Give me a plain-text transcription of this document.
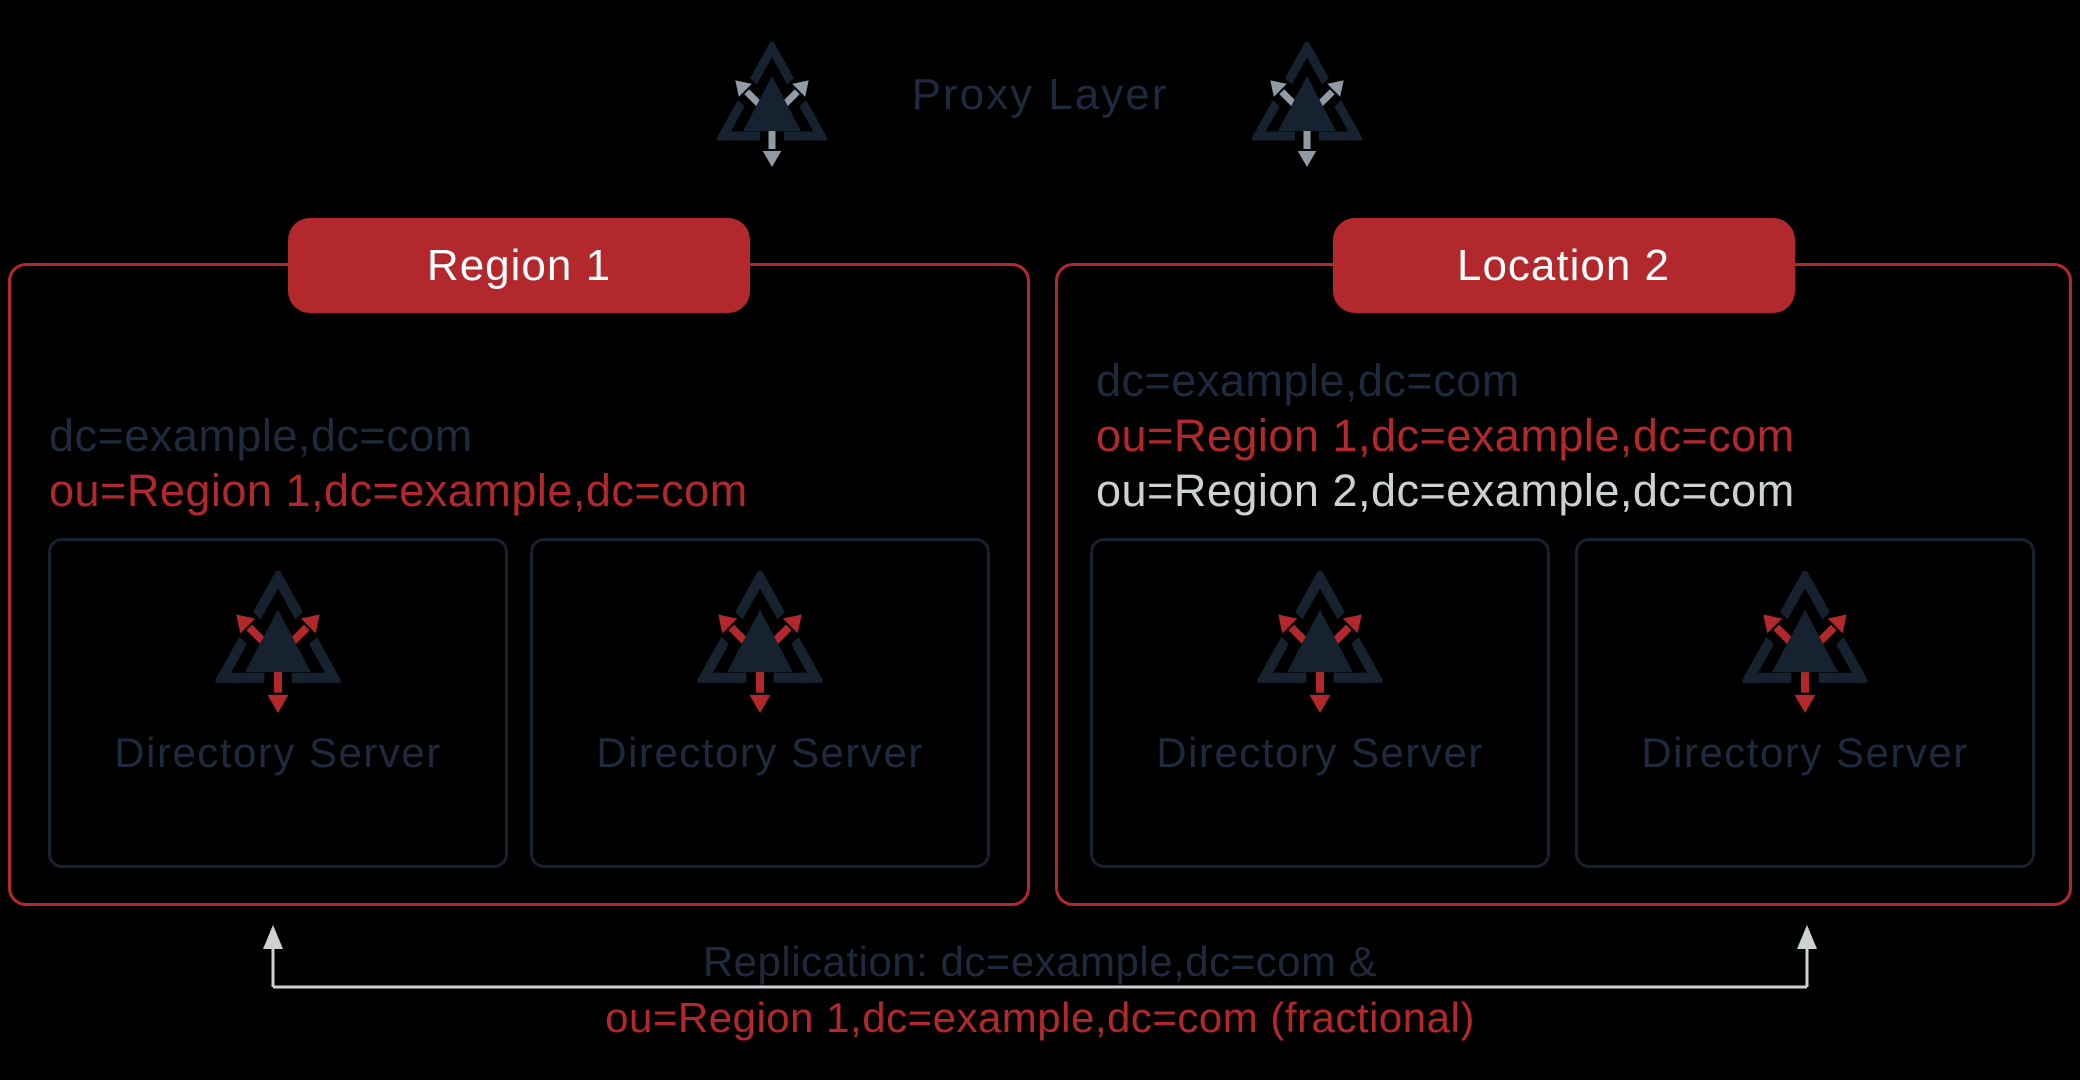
Proxy Layer
Region 1
dc=example,dc=com
ou=Region 1,dc=example,dc=com
Directory Server	Directory Server
Location 2
dc=example,dc=com
ou=Region 1,dc=example,dc=com
ou=Region 2,dc=example,dc=com
Directory Server	Directory Server
Replication: dc=example,dc=com &
ou=Region 1,dc=example,dc=com (fractional)
